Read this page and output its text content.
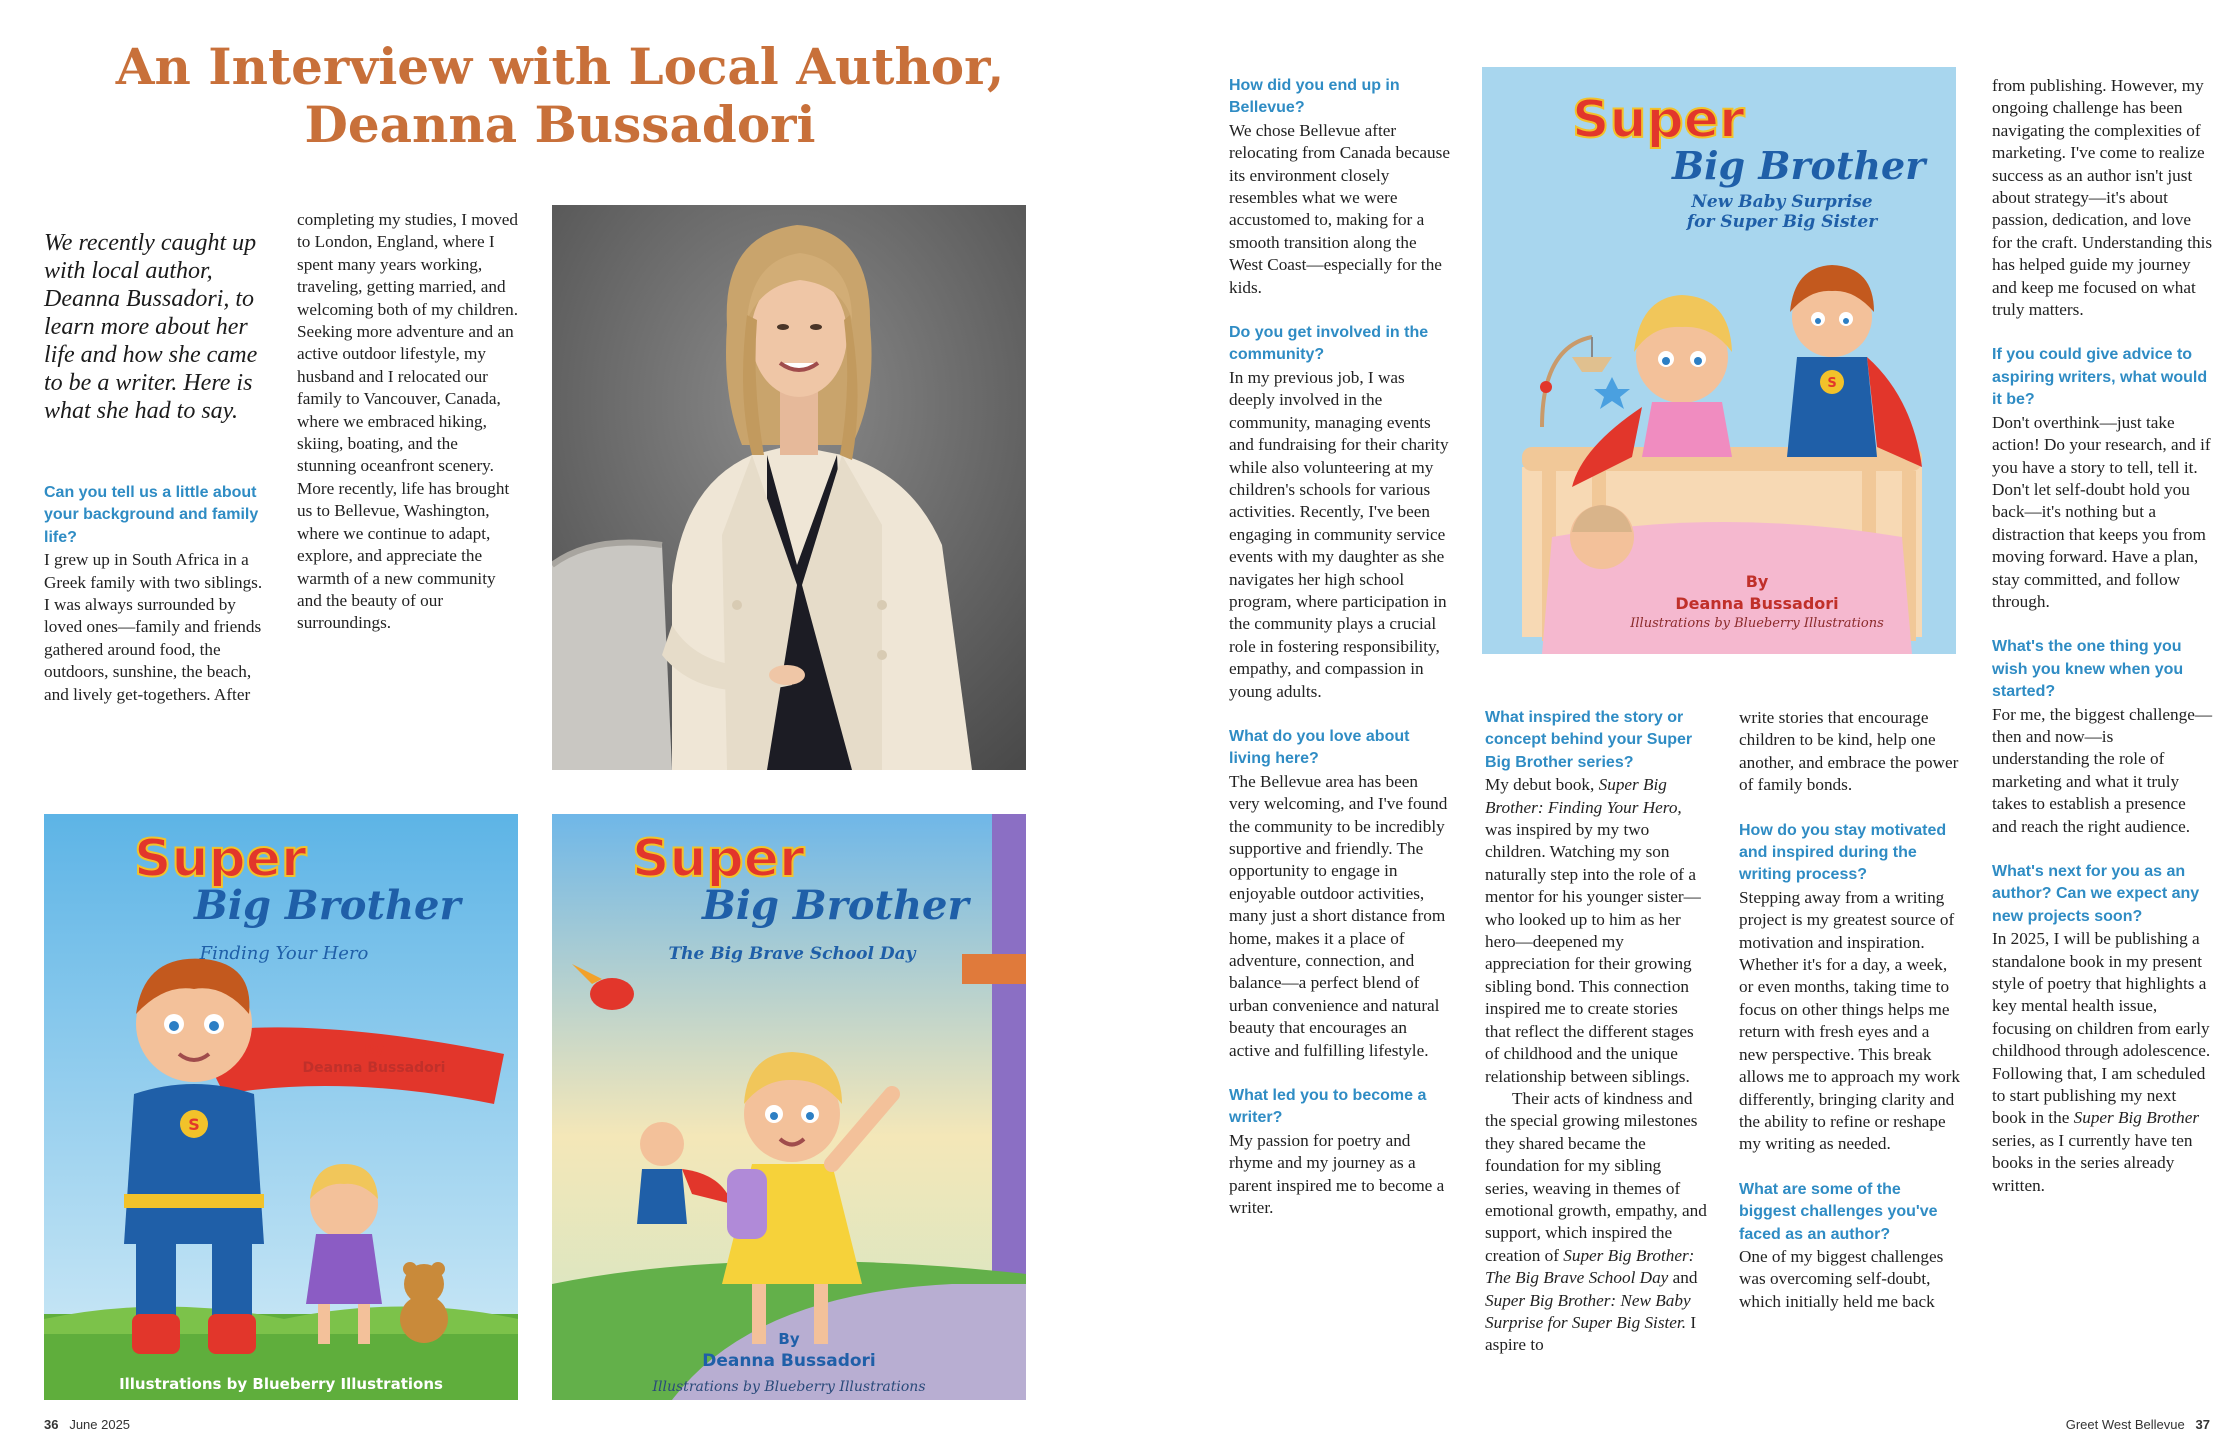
An Interview with Local Author,
Deanna Bussadori

We recently caught up with local author, Deanna Bussadori, to learn more about her life and how she came to be a writer. Here is what she had to say.

Can you tell us a little about your background and family life?

I grew up in South Africa in a Greek family with two siblings. I was always surrounded by loved ones—family and friends gathered around food, the outdoors, sunshine, the beach, and lively get-togethers. After

completing my studies, I moved to London, England, where I spent many years working, traveling, getting married, and welcoming both of my children. Seeking more adventure and an active outdoor lifestyle, my husband and I relocated our family to Vancouver, Canada, where we embraced hiking, skiing, boating, and the stunning oceanfront scenery. More recently, life has brought us to Bellevue, Washington, where we continue to adapt, explore, and appreciate the warmth of a new community and the beauty of our surroundings.

S
Super
Big Brother
Finding Your Hero
By
Deanna Bussadori
Illustrations by Blueberry Illustrations
Super
Big Brother
The Big Brave School Day
By
Deanna Bussadori
Illustrations by Blueberry Illustrations

How did you end up in Bellevue?

We chose Bellevue after relocating from Canada because its environment closely resembles what we were accustomed to, making for a smooth transition along the West Coast—especially for the kids.

Do you get involved in the community?

In my previous job, I was deeply involved in the community, managing events and fundraising for their charity while also volunteering at my children's schools for various activities. Recently, I've been engaging in community service events with my daughter as she navigates her high school program, where participation in the community plays a crucial role in fostering responsibility, empathy, and compassion in young adults.

What do you love about living here?

The Bellevue area has been very welcoming, and I've found the community to be incredibly supportive and friendly. The opportunity to engage in enjoyable outdoor activities, many just a short distance from home, makes it a place of adventure, connection, and balance—a perfect blend of urban convenience and natural beauty that encourages an active and fulfilling lifestyle.

What led you to become a writer?

My passion for poetry and rhyme and my journey as a parent inspired me to become a writer.

S
Super
Big Brother
New Baby Surprise
for Super Big Sister
By
Deanna Bussadori
Illustrations by Blueberry Illustrations

What inspired the story or concept behind your Super Big Brother series?

My debut book, Super Big Brother: Finding Your Hero, was inspired by my two children. Watching my son naturally step into the role of a mentor for his younger sister—who looked up to him as her hero—deepened my appreciation for their growing sibling bond. This connection inspired me to create stories that reflect the different stages of childhood and the unique relationship between siblings.

Their acts of kindness and the special growing milestones they shared became the foundation for my sibling series, weaving in themes of emotional growth, empathy, and support, which inspired the creation of Super Big Brother: The Big Brave School Day and Super Big Brother: New Baby Surprise for Super Big Sister. I aspire to

write stories that encourage children to be kind, help one another, and embrace the power of family bonds.

How do you stay motivated and inspired during the writing process?

Stepping away from a writing project is my greatest source of motivation and inspiration. Whether it's for a day, a week, or even months, taking time to focus on other things helps me return with fresh eyes and a new perspective. This break allows me to approach my work differently, bringing clarity and the ability to refine or reshape my writing as needed.

What are some of the biggest challenges you've faced as an author?

One of my biggest challenges was overcoming self-doubt, which initially held me back

from publishing. However, my ongoing challenge has been navigating the complexities of marketing. I've come to realize success as an author isn't just about strategy—it's about passion, dedication, and love for the craft. Understanding this has helped guide my journey and keep me focused on what truly matters.

If you could give advice to aspiring writers, what would it be?

Don't overthink—just take action! Do your research, and if you have a story to tell, tell it. Don't let self-doubt hold you back—it's nothing but a distraction that keeps you from moving forward. Have a plan, stay committed, and follow through.

What's the one thing you wish you knew when you started?

For me, the biggest challenge—then and now—is understanding the role of marketing and what it truly takes to establish a presence and reach the right audience.

What's next for you as an author? Can we expect any new projects soon?

In 2025, I will be publishing a standalone book in my present style of poetry that highlights a key mental health issue, focusing on children from early childhood through adolescence. Following that, I am scheduled to start publishing my next book in the Super Big Brother series, as I currently have ten books in the series already written.

36 June 2025	Greet West Bellevue 37
